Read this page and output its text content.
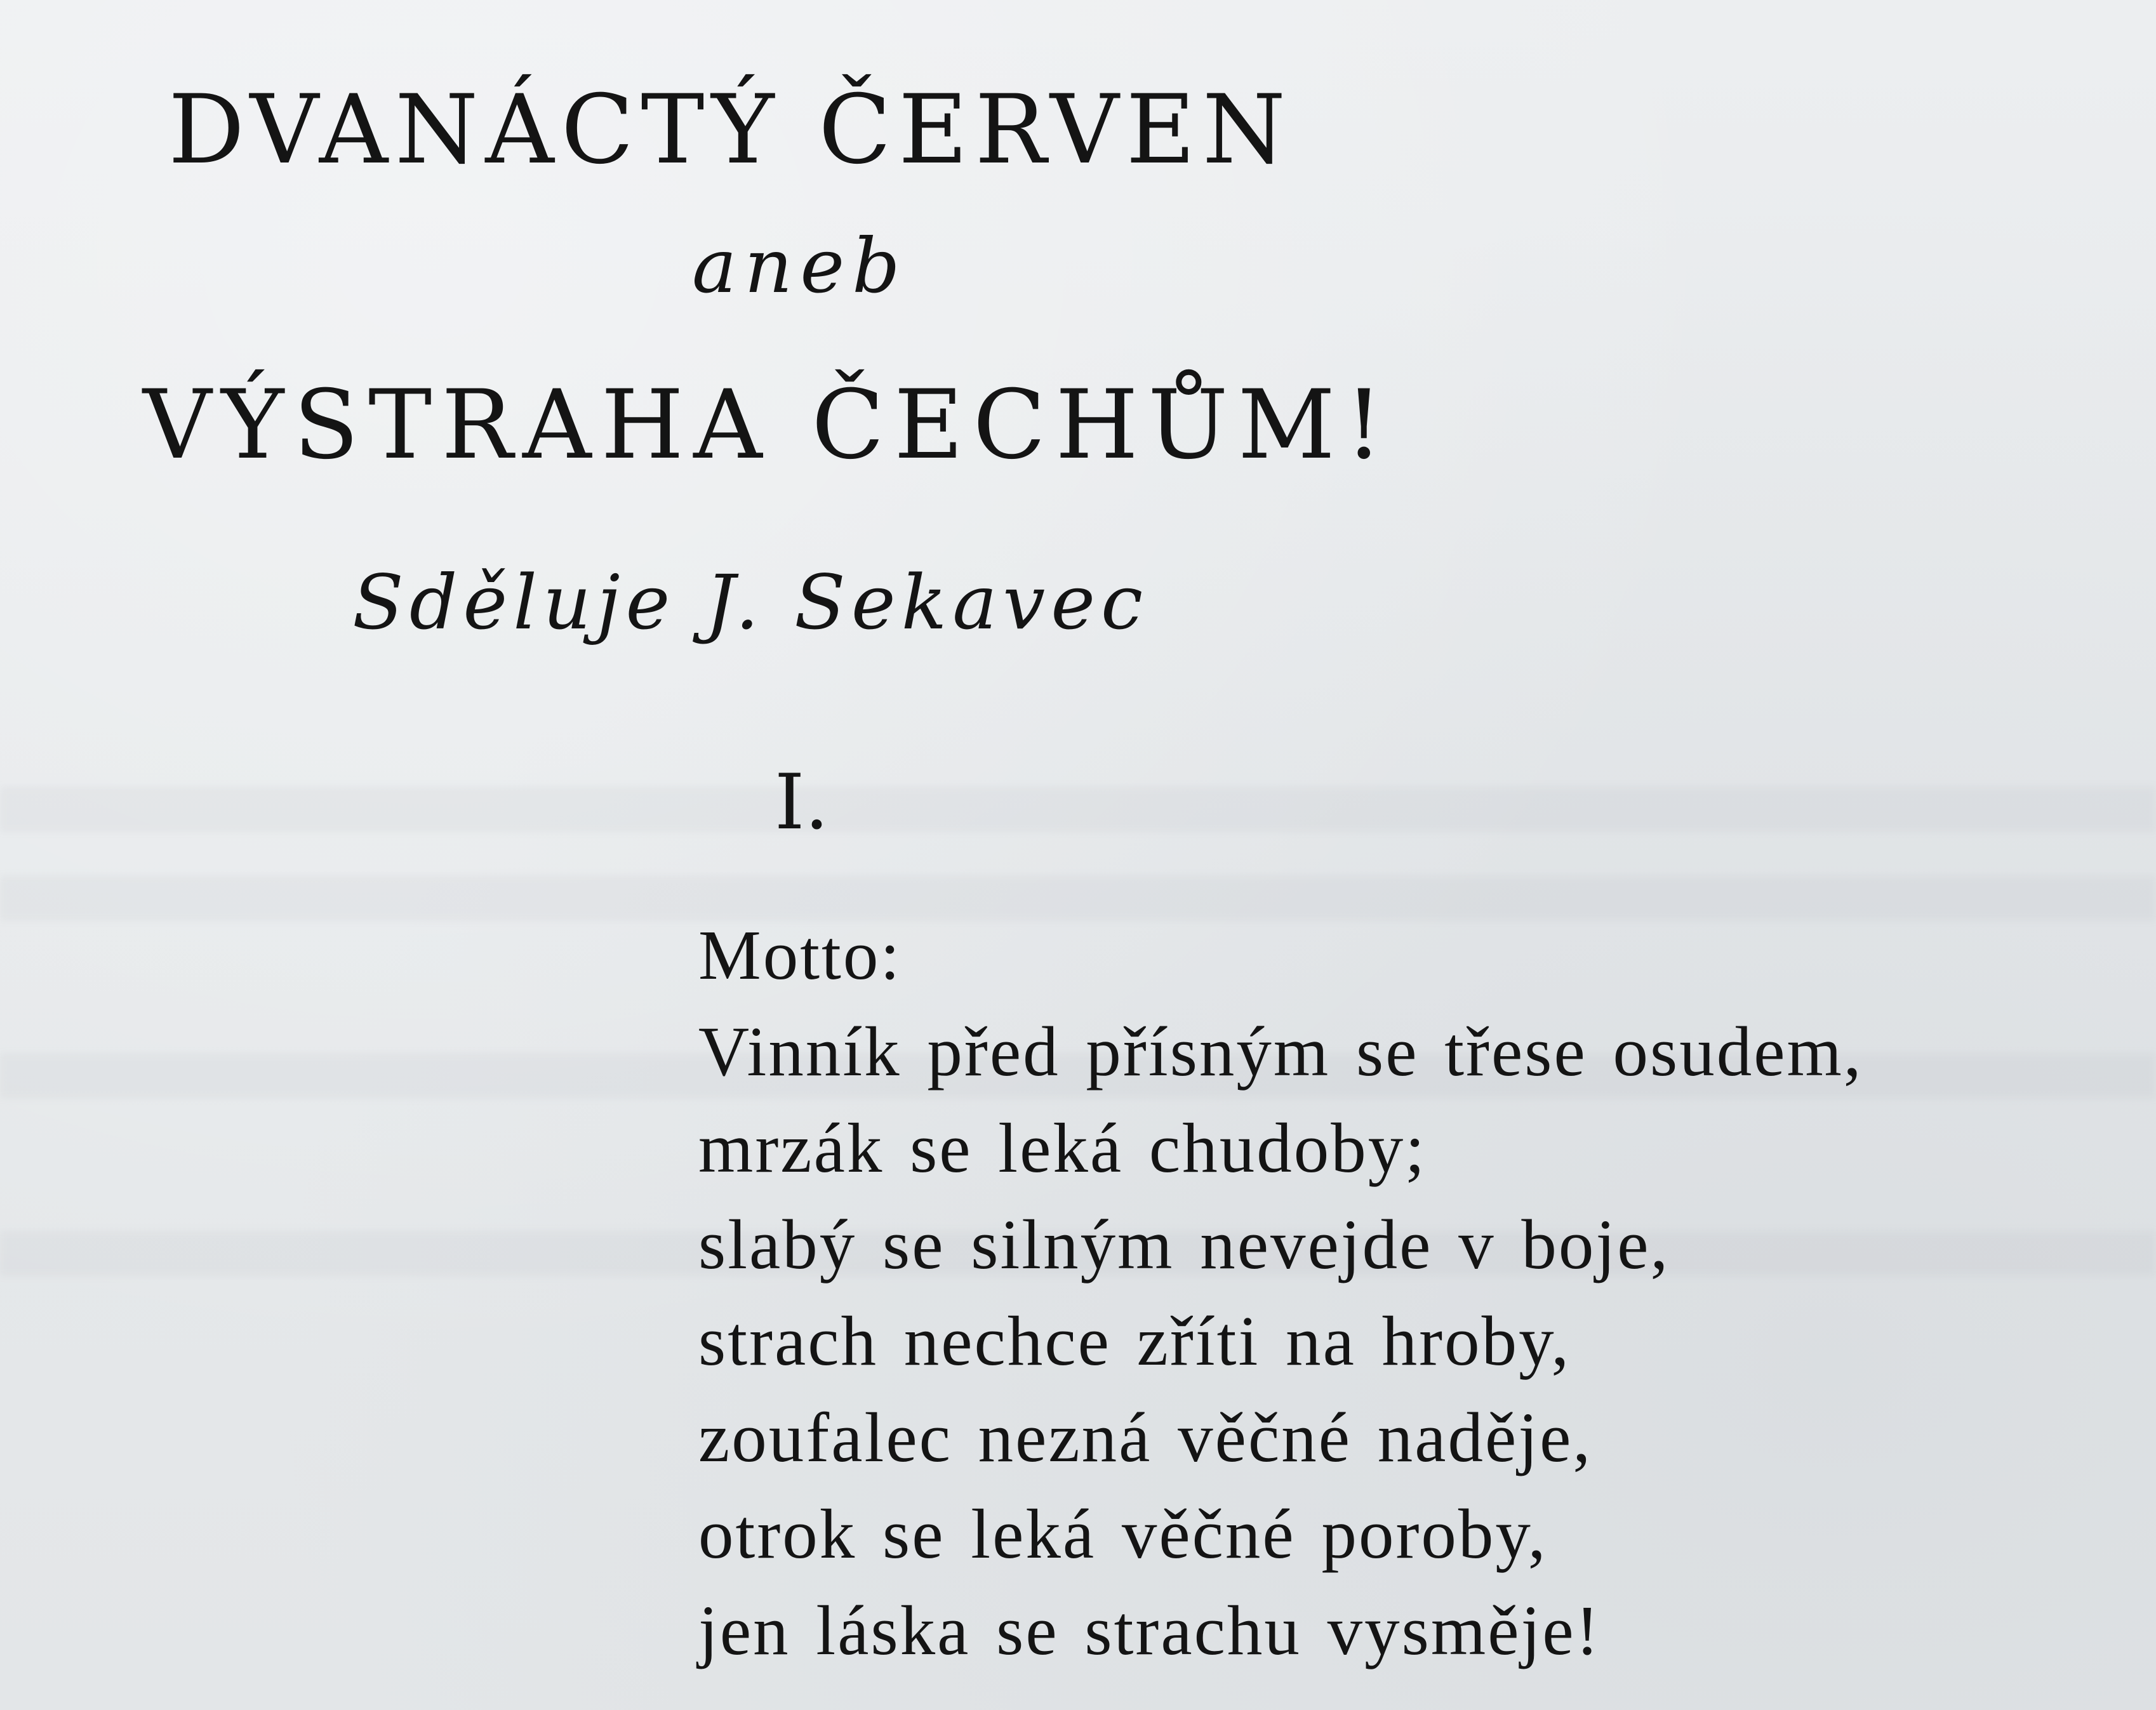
DVANÁCTÝ ČERVEN
aneb
VÝSTRAHA ČECHŮM!
Sděluje J. Sekavec
I.
Motto:
Vinník před přísným se třese osudem,
mrzák se leká chudoby;
slabý se silným nevejde v boje,
strach nechce zříti na hroby,
zoufalec nezná věčné naděje,
otrok se leká věčné poroby,
jen láska se strachu vysměje!
